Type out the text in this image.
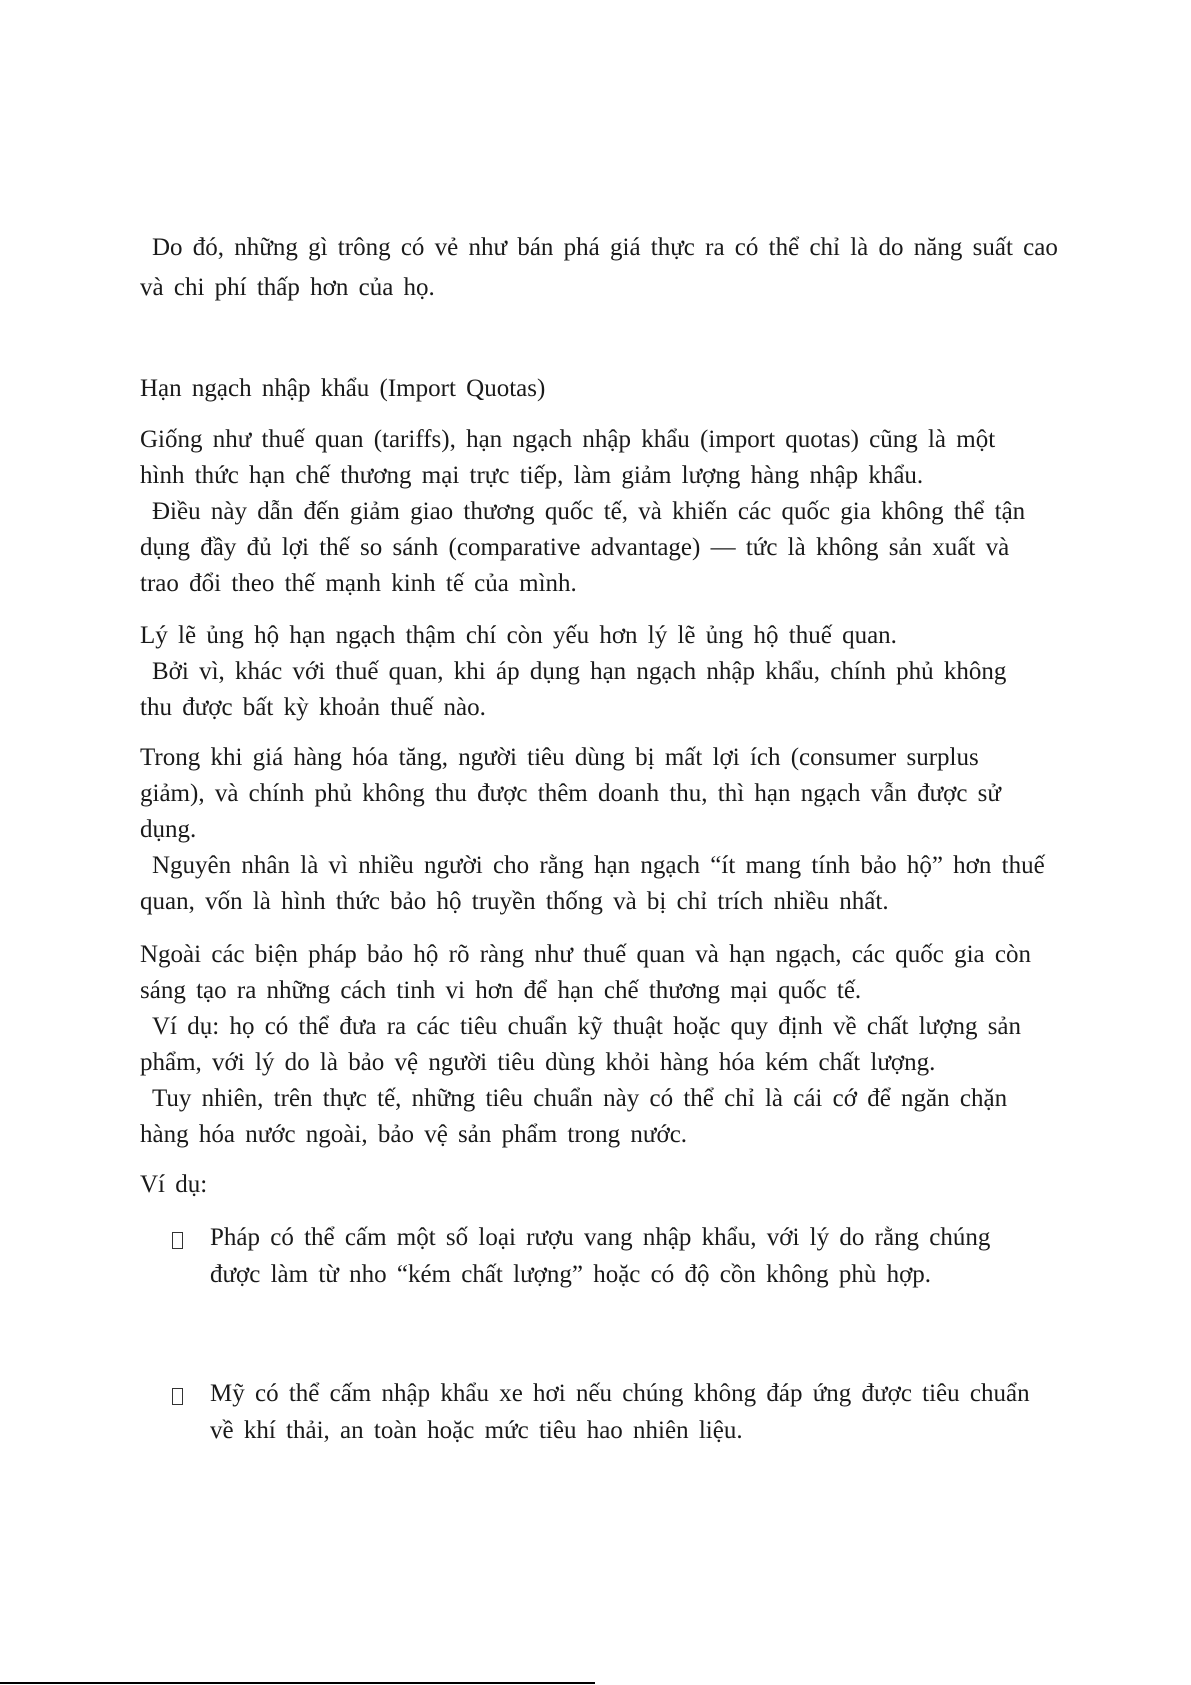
Do đó, những gì trông có vẻ như bán phá giá thực ra có thể chỉ là do năng suất cao
và chi phí thấp hơn của họ.
Hạn ngạch nhập khẩu (Import Quotas)
Giống như thuế quan (tariffs), hạn ngạch nhập khẩu (import quotas) cũng là một
hình thức hạn chế thương mại trực tiếp, làm giảm lượng hàng nhập khẩu.
Điều này dẫn đến giảm giao thương quốc tế, và khiến các quốc gia không thể tận
dụng đầy đủ lợi thế so sánh (comparative advantage) — tức là không sản xuất và
trao đổi theo thế mạnh kinh tế của mình.
Lý lẽ ủng hộ hạn ngạch thậm chí còn yếu hơn lý lẽ ủng hộ thuế quan.
Bởi vì, khác với thuế quan, khi áp dụng hạn ngạch nhập khẩu, chính phủ không
thu được bất kỳ khoản thuế nào.
Trong khi giá hàng hóa tăng, người tiêu dùng bị mất lợi ích (consumer surplus
giảm), và chính phủ không thu được thêm doanh thu, thì hạn ngạch vẫn được sử
dụng.
Nguyên nhân là vì nhiều người cho rằng hạn ngạch “ít mang tính bảo hộ” hơn thuế
quan, vốn là hình thức bảo hộ truyền thống và bị chỉ trích nhiều nhất.
Ngoài các biện pháp bảo hộ rõ ràng như thuế quan và hạn ngạch, các quốc gia còn
sáng tạo ra những cách tinh vi hơn để hạn chế thương mại quốc tế.
Ví dụ: họ có thể đưa ra các tiêu chuẩn kỹ thuật hoặc quy định về chất lượng sản
phẩm, với lý do là bảo vệ người tiêu dùng khỏi hàng hóa kém chất lượng.
Tuy nhiên, trên thực tế, những tiêu chuẩn này có thể chỉ là cái cớ để ngăn chặn
hàng hóa nước ngoài, bảo vệ sản phẩm trong nước.
Ví dụ:
Pháp có thể cấm một số loại rượu vang nhập khẩu, với lý do rằng chúng
được làm từ nho “kém chất lượng” hoặc có độ cồn không phù hợp.
Mỹ có thể cấm nhập khẩu xe hơi nếu chúng không đáp ứng được tiêu chuẩn
về khí thải, an toàn hoặc mức tiêu hao nhiên liệu.
